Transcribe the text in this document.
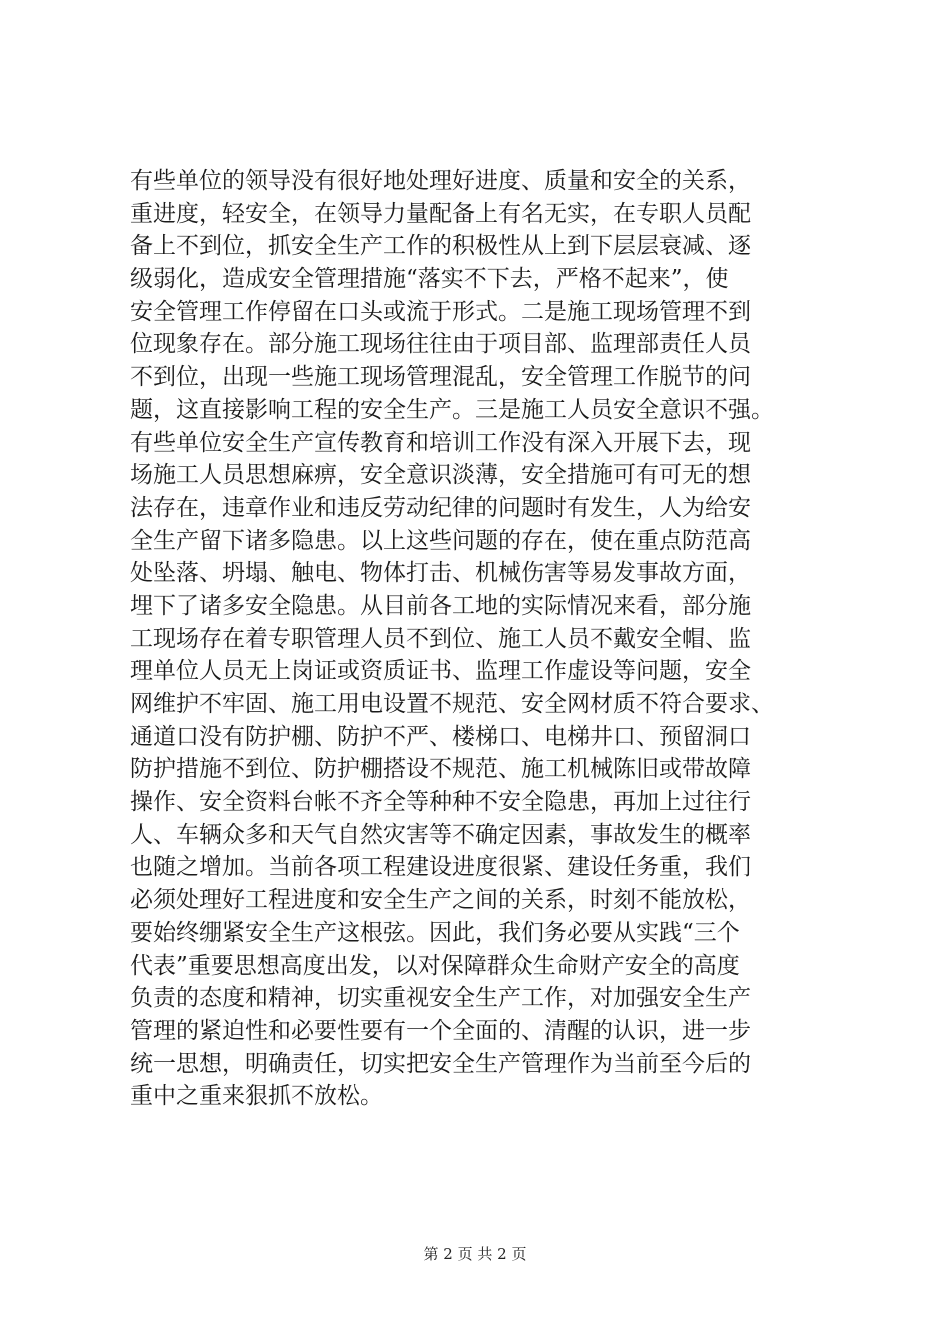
有些单位的领导没有很好地处理好进度、质量和安全的关系，
重进度，轻安全，在领导力量配备上有名无实，在专职人员配
备上不到位，抓安全生产工作的积极性从上到下层层衰减、逐
级弱化，造成安全管理措施“落实不下去，严格不起来”，使
安全管理工作停留在口头或流于形式。二是施工现场管理不到
位现象存在。部分施工现场往往由于项目部、监理部责任人员
不到位，出现一些施工现场管理混乱，安全管理工作脱节的问
题，这直接影响工程的安全生产。三是施工人员安全意识不强。
有些单位安全生产宣传教育和培训工作没有深入开展下去，现
场施工人员思想麻痹，安全意识淡薄，安全措施可有可无的想
法存在，违章作业和违反劳动纪律的问题时有发生，人为给安
全生产留下诸多隐患。以上这些问题的存在，使在重点防范高
处坠落、坍塌、触电、物体打击、机械伤害等易发事故方面，
埋下了诸多安全隐患。从目前各工地的实际情况来看，部分施
工现场存在着专职管理人员不到位、施工人员不戴安全帽、监
理单位人员无上岗证或资质证书、监理工作虚设等问题，安全
网维护不牢固、施工用电设置不规范、安全网材质不符合要求、
通道口没有防护棚、防护不严、楼梯口、电梯井口、预留洞口
防护措施不到位、防护棚搭设不规范、施工机械陈旧或带故障
操作、安全资料台帐不齐全等种种不安全隐患，再加上过往行
人、车辆众多和天气自然灾害等不确定因素，事故发生的概率
也随之增加。当前各项工程建设进度很紧、建设任务重，我们
必须处理好工程进度和安全生产之间的关系，时刻不能放松，
要始终绷紧安全生产这根弦。因此，我们务必要从实践“三个
代表”重要思想高度出发，以对保障群众生命财产安全的高度
负责的态度和精神，切实重视安全生产工作，对加强安全生产
管理的紧迫性和必要性要有一个全面的、清醒的认识，进一步
统一思想，明确责任，切实把安全生产管理作为当前至今后的
重中之重来狠抓不放松。
第 2 页 共 2 页
